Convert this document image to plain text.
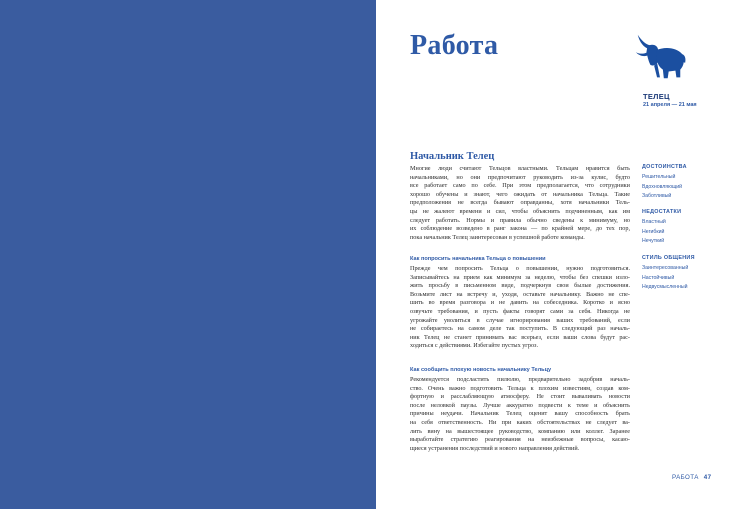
Работа
ТЕЛЕЦ
21 апреля — 21 мая
Начальник Телец
Многие люди считают Тельцов властными. Тельцам нравится быть
начальниками, но они предпочитают руководить из-за кулис, будто
все работает само по себе. При этом предполагается, что сотрудники
хорошо обучены и знают, чего ожидать от начальника Тельца. Такие
предположения не всегда бывают оправданны, хотя начальники Тель-
цы не жалеют времени и сил, чтобы объяснить подчиненным, как им
следует работать. Нормы и правила обычно сведены к минимуму, но
их соблюдение возведено в ранг закона — по крайней мере, до тех пор,
пока начальник Телец заинтересован в успешной работе команды.
Как попросить начальника Тельца о повышении
Прежде чем попросить Тельца о повышении, нужно подготовиться.
Записывайтесь на прием как минимум за неделю, чтобы без спешки изло-
жить просьбу в письменном виде, подчеркнув свои былые достижения.
Возьмите лист на встречу и, уходя, оставьте начальнику. Важно не спе-
шить во время разговора и не давить на собеседника. Коротко и ясно
озвучьте требования, и пусть факты говорят сами за себя. Никогда не
угрожайте уволиться в случае игнорирования ваших требований, если
не собираетесь на самом деле так поступить. В следующий раз началь-
ник Телец не станет принимать вас всерьез, если ваши слова будут рас-
ходиться с действиями. Избегайте пустых угроз.
Как сообщить плохую новость начальнику Тельцу
Рекомендуется подсластить пилюлю, предварительно задобрив началь-
ство. Очень важно подготовить Тельца к плохим известиям, создав ком-
фортную и расслабляющую атмосферу. Не стоит вываливать новости
после неловкой паузы. Лучше аккуратно подвести к теме и объяснить
причины неудачи. Начальник Телец оценит вашу способность брать
на себя ответственность. Ни при каких обстоятельствах не следует ва-
лить вину на вышестоящее руководство, компанию или коллег. Заранее
выработайте стратегию реагирования на неизбежные вопросы, касаю-
щиеся устранения последствий и нового направления действий.

ДОСТОИНСТВА

Решительный

Вдохновляющий

Заботливый

НЕДОСТАТКИ

Властный

Негибкий

Нечуткий

СТИЛЬ ОБЩЕНИЯ

Заинтересованный

Настойчивый

Недвусмысленный

РАБОТА 47
